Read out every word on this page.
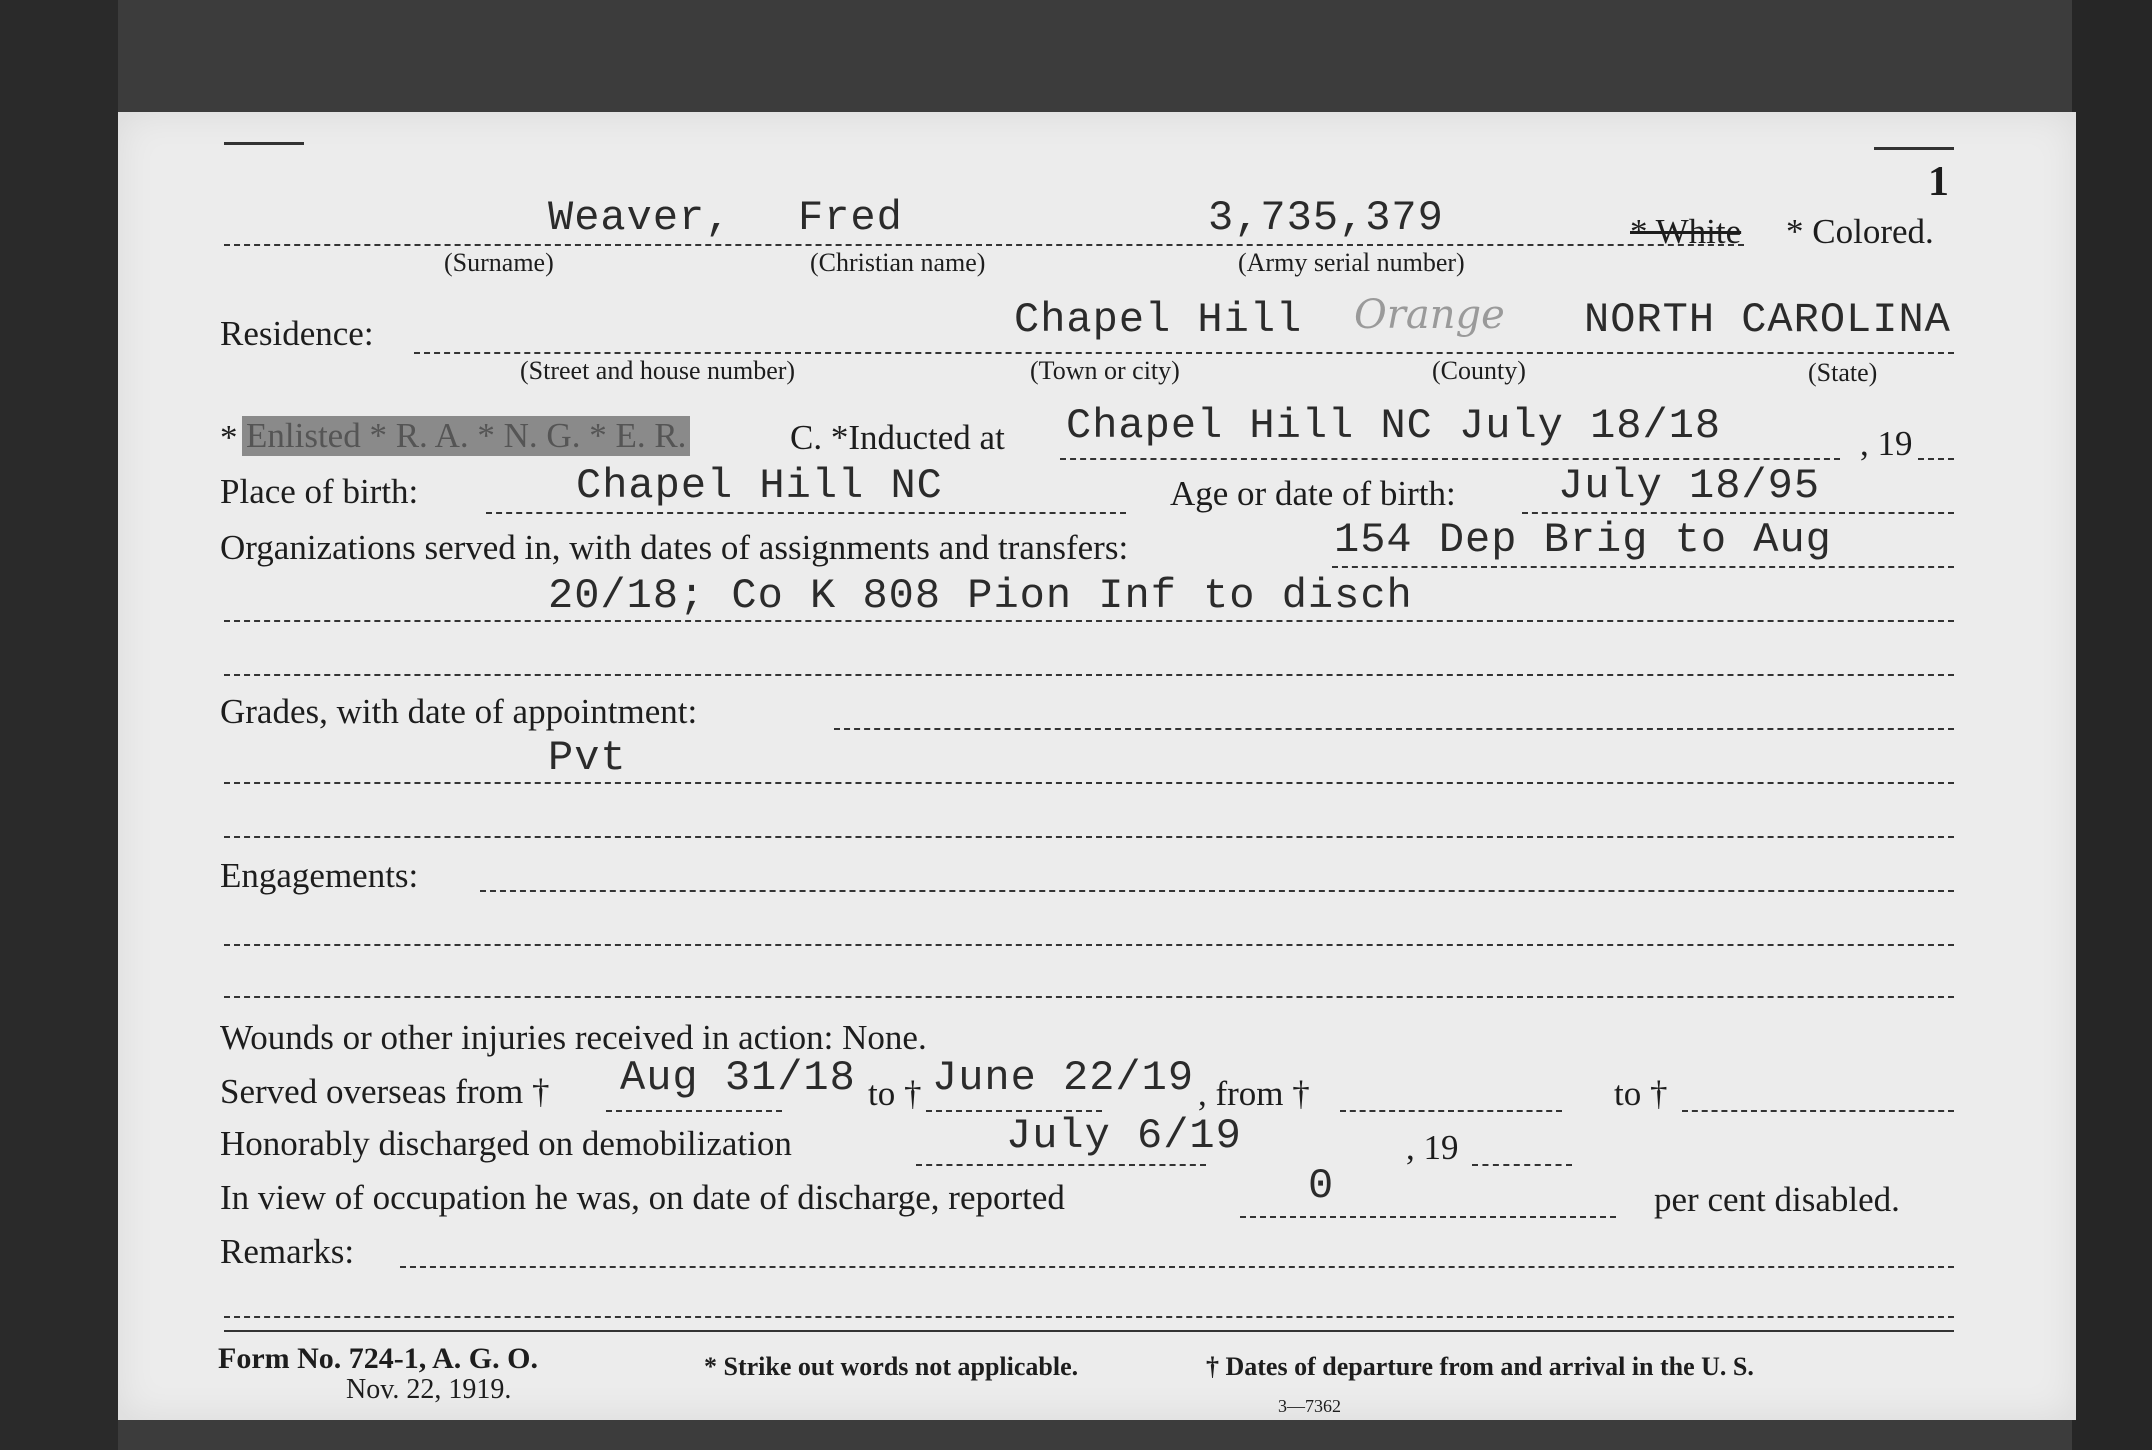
1
Weaver, Fred	3,735,379	* White * Colored.
(Surname)	(Christian name)	(Army serial number)
Residence:	Chapel Hill Orange NORTH CAROLINA
(Street and house number)	(Town or city)	(County)	(State)
* Enlisted * R. A. * N. G. * E. R.	C. *Inducted at Chapel Hill NC July 18/18	, 19
Place of birth:	Chapel Hill NC	Age or date of birth: July 18/95
Organizations served in, with dates of assignments and transfers:	154 Dep Brig to Aug
20/18; Co K 808 Pion Inf to disch
Grades, with date of appointment:
Pvt
Engagements:
Wounds or other injuries received in action: None.
Served overseas from † Aug 31/18 to † June 22/19 , from †	to †
Honorably discharged on demobilization	July 6/19	, 19
In view of occupation he was, on date of discharge, reported	0	per cent disabled.
Remarks:
Form No. 724-1, A. G. O.
Nov. 22, 1919.
* Strike out words not applicable.	† Dates of departure from and arrival in the U. S.
3—7362
